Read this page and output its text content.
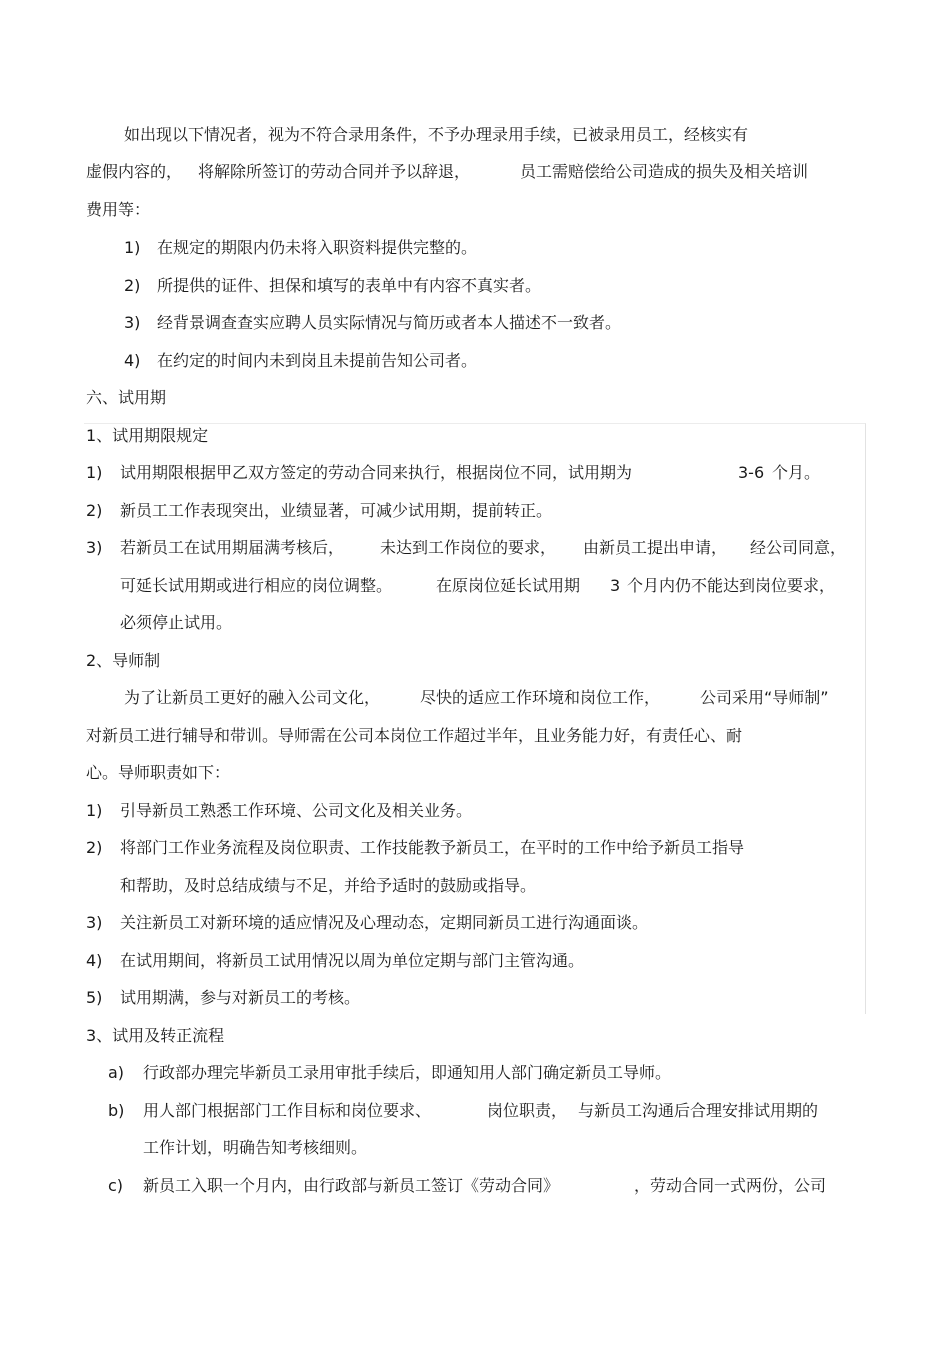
如出现以下情况者，视为不符合录用条件，不予办理录用手续，已被录用员工，经核实有
虚假内容的， 将解除所签订的劳动合同并予以辞退，	员工需赔偿给公司造成的损失及相关培训
费用等：
1) 在规定的期限内仍未将入职资料提供完整的。
2) 所提供的证件、担保和填写的表单中有内容不真实者。
3) 经背景调查查实应聘人员实际情况与简历或者本人描述不一致者。
4) 在约定的时间内未到岗且未提前告知公司者。
六、试用期
1、试用期限规定
1) 试用期限根据甲乙双方签定的劳动合同来执行，根据岗位不同，试用期为	3-6 个月。
2) 新员工工作表现突出，业绩显著，可减少试用期，提前转正。
3) 若新员工在试用期届满考核后， 未达到工作岗位的要求， 由新员工提出申请， 经公司同意，
可延长试用期或进行相应的岗位调整。	在原岗位延长试用期 3 个月内仍不能达到岗位要求，
必须停止试用。
2、导师制
为了让新员工更好的融入公司文化， 尽快的适应工作环境和岗位工作， 公司采用“导师制”
对新员工进行辅导和带训。导师需在公司本岗位工作超过半年，且业务能力好，有责任心、耐
心。导师职责如下：
1) 引导新员工熟悉工作环境、公司文化及相关业务。
2) 将部门工作业务流程及岗位职责、工作技能教予新员工，在平时的工作中给予新员工指导
和帮助，及时总结成绩与不足，并给予适时的鼓励或指导。
3) 关注新员工对新环境的适应情况及心理动态，定期同新员工进行沟通面谈。
4) 在试用期间，将新员工试用情况以周为单位定期与部门主管沟通。
5) 试用期满，参与对新员工的考核。
3、试用及转正流程
a) 行政部办理完毕新员工录用审批手续后，即通知用人部门确定新员工导师。
b) 用人部门根据部门工作目标和岗位要求、	岗位职责， 与新员工沟通后合理安排试用期的
工作计划，明确告知考核细则。
c) 新员工入职一个月内，由行政部与新员工签订《劳动合同》	，劳动合同一式两份，公司
